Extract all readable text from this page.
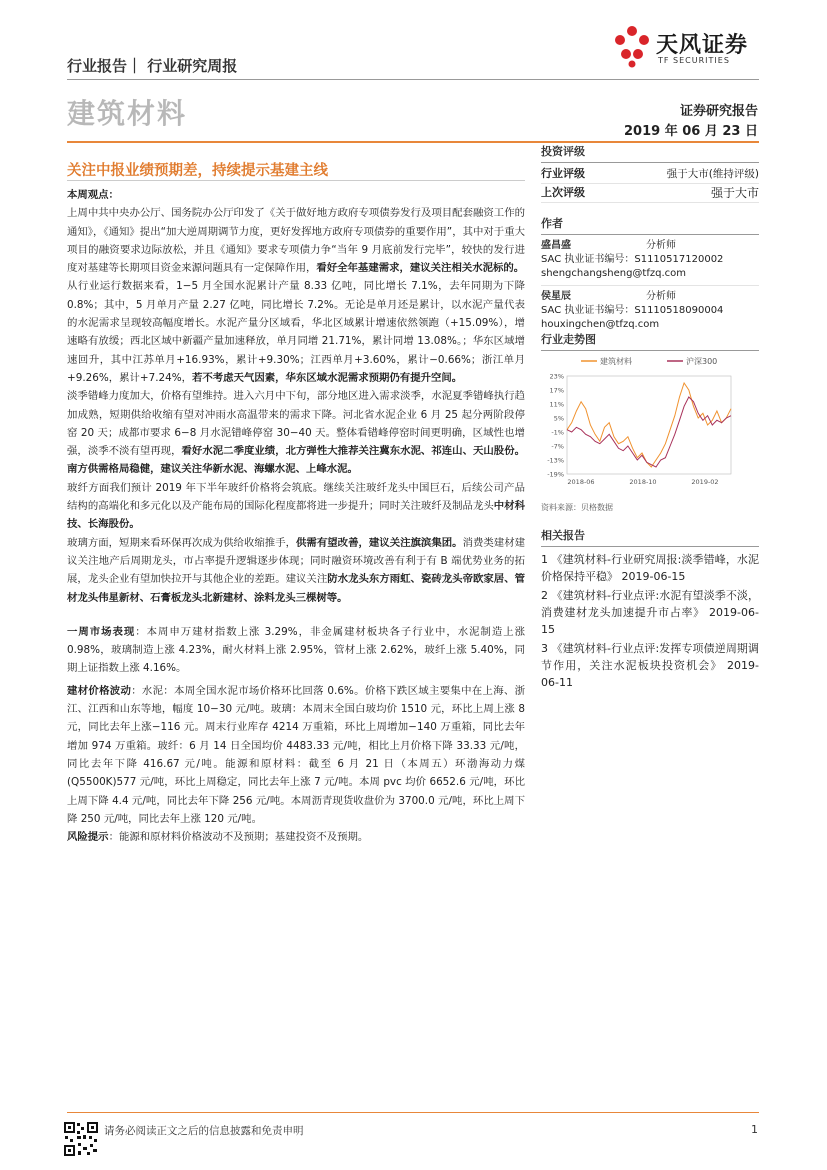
天风证券
TF SECURITIES
行业报告｜ 行业研究周报
建筑材料	证券研究报告
2019 年 06 月 23 日
关注中报业绩预期差，持续提示基建主线

本周观点：

上周中共中央办公厅、国务院办公厅印发了《关于做好地方政府专项债券发行及项目配套融资工作的通知》，《通知》提出“加大逆周期调节力度，更好发挥地方政府专项债券的重要作用”，其中对于重大项目的融资要求边际放松，并且《通知》要求专项债力争“当年 9 月底前发行完毕”，较快的发行进度对基建等长期项目资金来源问题具有一定保障作用，看好全年基建需求，建议关注相关水泥标的。

从行业运行数据来看，1−5 月全国水泥累计产量 8.33 亿吨，同比增长 7.1%，去年同期为下降 0.8%；其中，5 月单月产量 2.27 亿吨，同比增长 7.2%。无论是单月还是累计，以水泥产量代表的水泥需求呈现较高幅度增长。水泥产量分区域看，华北区域累计增速依然领跑（+15.09%），增速略有放缓；西北区域中新疆产量加速释放，单月同增 21.71%，累计同增 13.08%。；华东区域增速回升，其中江苏单月+16.93%，累计+9.30%；江西单月+3.60%，累计−0.66%；浙江单月+9.26%，累计+7.24%，若不考虑天气因素，华东区域水泥需求预期仍有提升空间。

淡季错峰力度加大，价格有望维持。进入六月中下旬，部分地区进入需求淡季，水泥夏季错峰执行趋加成熟，短期供给收缩有望对冲雨水高温带来的需求下降。河北省水泥企业 6 月 25 起分两阶段停窑 20 天；成都市要求 6−8 月水泥错峰停窑 30−40 天。整体看错峰停窑时间更明确，区域性也增强，淡季不淡有望再现，看好水泥二季度业绩，北方弹性大推荐关注冀东水泥、祁连山、天山股份。南方供需格局稳健，建议关注华新水泥、海螺水泥、上峰水泥。

玻纤方面我们预计 2019 年下半年玻纤价格将会筑底。继续关注玻纤龙头中国巨石，后续公司产品结构的高端化和多元化以及产能布局的国际化程度都将进一步提升；同时关注玻纤及制品龙头中材科技、长海股份。

玻璃方面，短期来看环保再次成为供给收缩推手，供需有望改善，建议关注旗滨集团。消费类建材建议关注地产后周期龙头，市占率提升逻辑逐步体现；同时融资环境改善有利于有 B 端优势业务的拓展，龙头企业有望加快拉开与其他企业的差距。建议关注防水龙头东方雨虹、瓷砖龙头帝欧家居、管材龙头伟星新材、石膏板龙头北新建材、涂料龙头三棵树等。

一周市场表现：本周申万建材指数上涨 3.29%，非金属建材板块各子行业中，水泥制造上涨 0.98%，玻璃制造上涨 4.23%，耐火材料上涨 2.95%，管材上涨 2.62%，玻纤上涨 5.40%，同期上证指数上涨 4.16%。

建材价格波动：水泥：本周全国水泥市场价格环比回落 0.6%。价格下跌区域主要集中在上海、浙江、江西和山东等地，幅度 10−30 元/吨。玻璃：本周末全国白玻均价 1510 元，环比上周上涨 8 元，同比去年上涨−116 元。周末行业库存 4214 万重箱，环比上周增加−140 万重箱，同比去年增加 974 万重箱。玻纤：6 月 14 日全国均价 4483.33 元/吨，相比上月价格下降 33.33 元/吨，同比去年下降 416.67 元/吨。能源和原材料：截至 6 月 21 日（本周五）环渤海动力煤(Q5500K)577 元/吨，环比上周稳定，同比去年上涨 7 元/吨。本周 pvc 均价 6652.6 元/吨，环比上周下降 4.4 元/吨，同比去年下降 256 元/吨。本周沥青现货收盘价为 3700.0 元/吨，环比上周下降 250 元/吨，同比去年上涨 120 元/吨。

风险提示：能源和原材料价格波动不及预期；基建投资不及预期。

投资评级
行业评级	强于大市(维持评级)
上次评级	强于大市
作者
盛昌盛	分析师
SAC 执业证书编号：S1110517120002
shengchangsheng@tfzq.com
侯星辰	分析师
SAC 执业证书编号：S1110518090004
houxingchen@tfzq.com
行业走势图
建筑材料	沪深300
23%
17%
11%
5%
-1%
-7%
-13%
-19%
2018-06	2018-10	2019-02
资料来源：贝格数据
相关报告

1 《建筑材料-行业研究周报:淡季错峰，水泥价格保持平稳》 2019-06-15

2 《建筑材料-行业点评:水泥有望淡季不淡，消费建材龙头加速提升市占率》 2019-06-15

3 《建筑材料-行业点评:发挥专项债逆周期调节作用，关注水泥板块投资机会》 2019-06-11

请务必阅读正文之后的信息披露和免责申明	1
